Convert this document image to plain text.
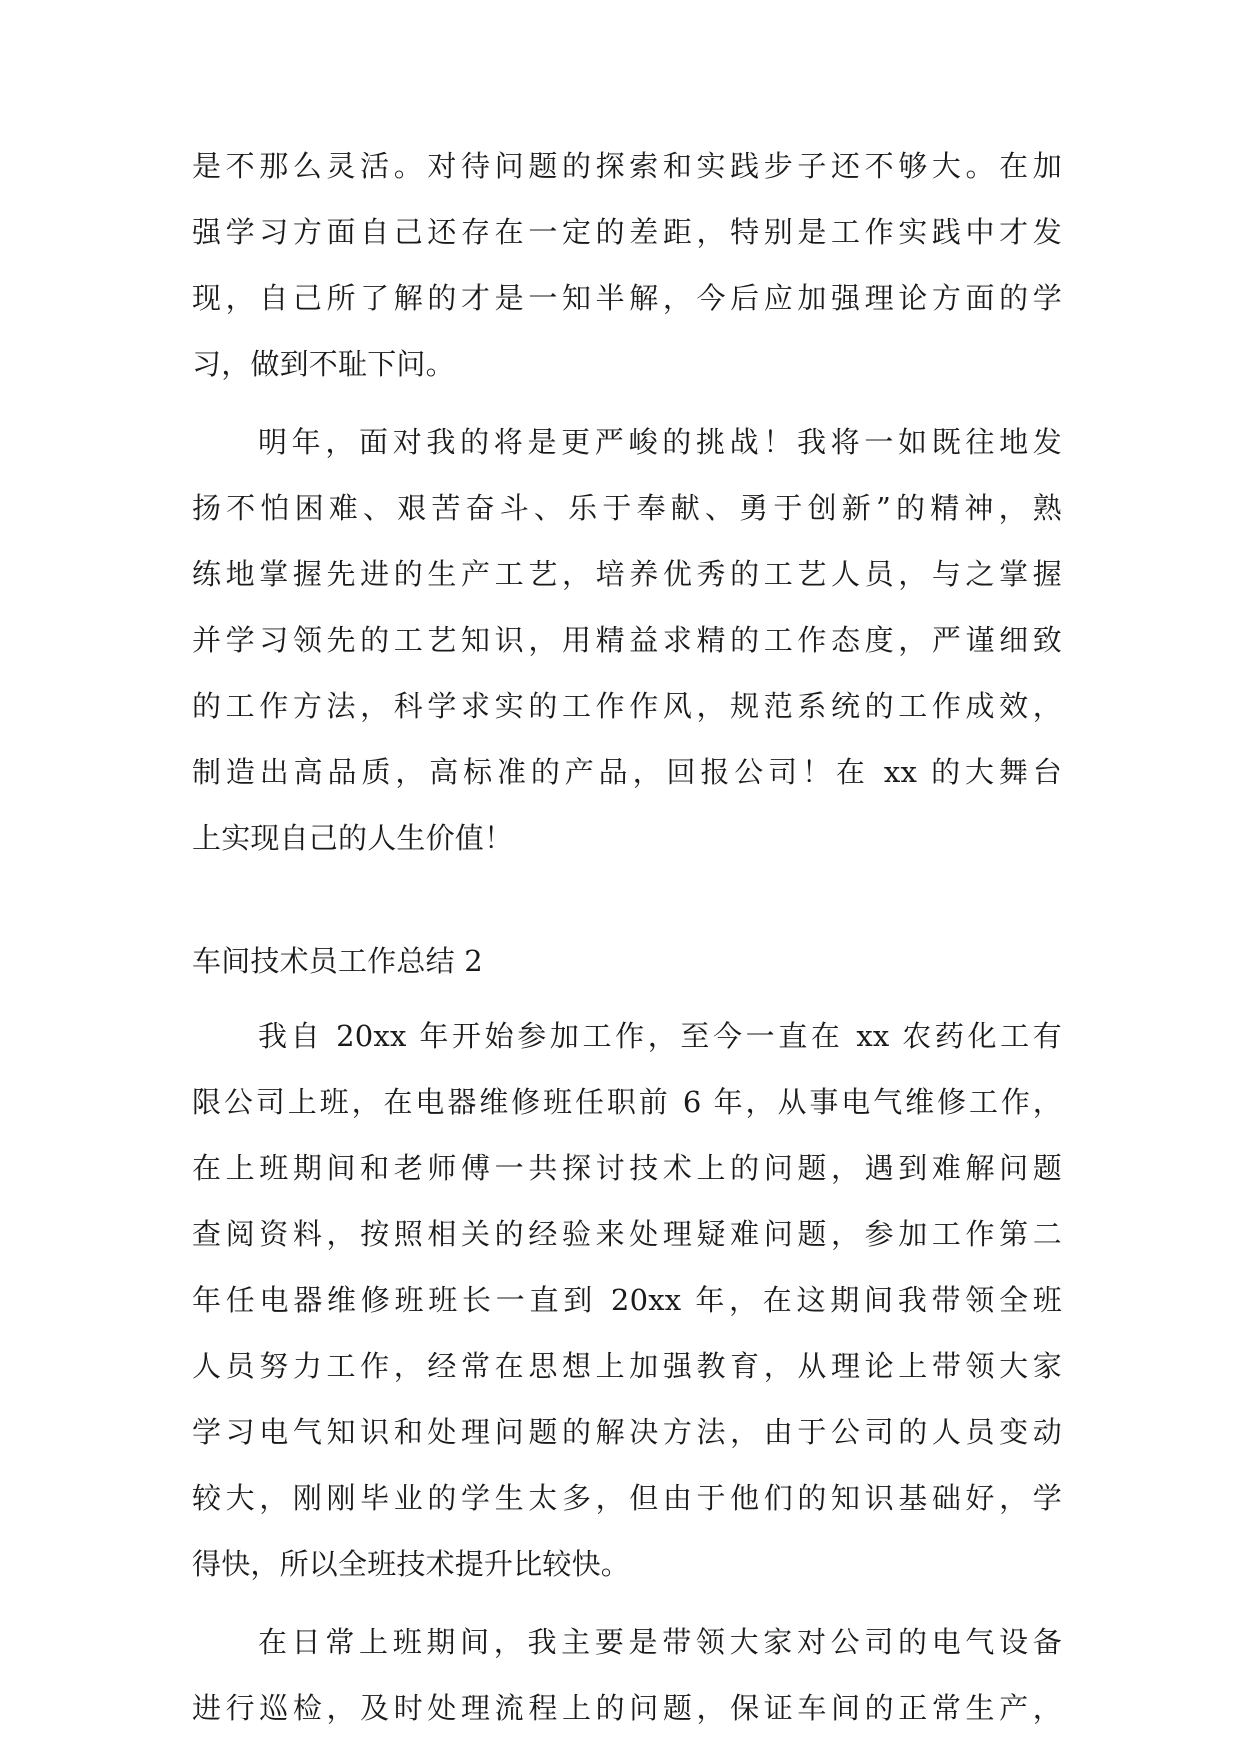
是不那么灵活。对待问题的探索和实践步子还不够大。在加
强学习方面自己还存在一定的差距，特别是工作实践中才发
现，自己所了解的才是一知半解，今后应加强理论方面的学
习，做到不耻下问。
明年，面对我的将是更严峻的挑战！我将一如既往地发
扬不怕困难、艰苦奋斗、乐于奉献、勇于创新”的精神，熟
练地掌握先进的生产工艺，培养优秀的工艺人员，与之掌握
并学习领先的工艺知识，用精益求精的工作态度，严谨细致
的工作方法，科学求实的工作作风，规范系统的工作成效，
制造出高品质，高标准的产品，回报公司！在 xx 的大舞台
上实现自己的人生价值！
车间技术员工作总结 2
我自 20xx 年开始参加工作，至今一直在 xx 农药化工有
限公司上班，在电器维修班任职前 6 年，从事电气维修工作，
在上班期间和老师傅一共探讨技术上的问题，遇到难解问题
查阅资料，按照相关的经验来处理疑难问题，参加工作第二
年任电器维修班班长一直到 20xx 年，在这期间我带领全班
人员努力工作，经常在思想上加强教育，从理论上带领大家
学习电气知识和处理问题的解决方法，由于公司的人员变动
较大，刚刚毕业的学生太多，但由于他们的知识基础好，学
得快，所以全班技术提升比较快。
在日常上班期间，我主要是带领大家对公司的电气设备
进行巡检，及时处理流程上的问题，保证车间的正常生产，
